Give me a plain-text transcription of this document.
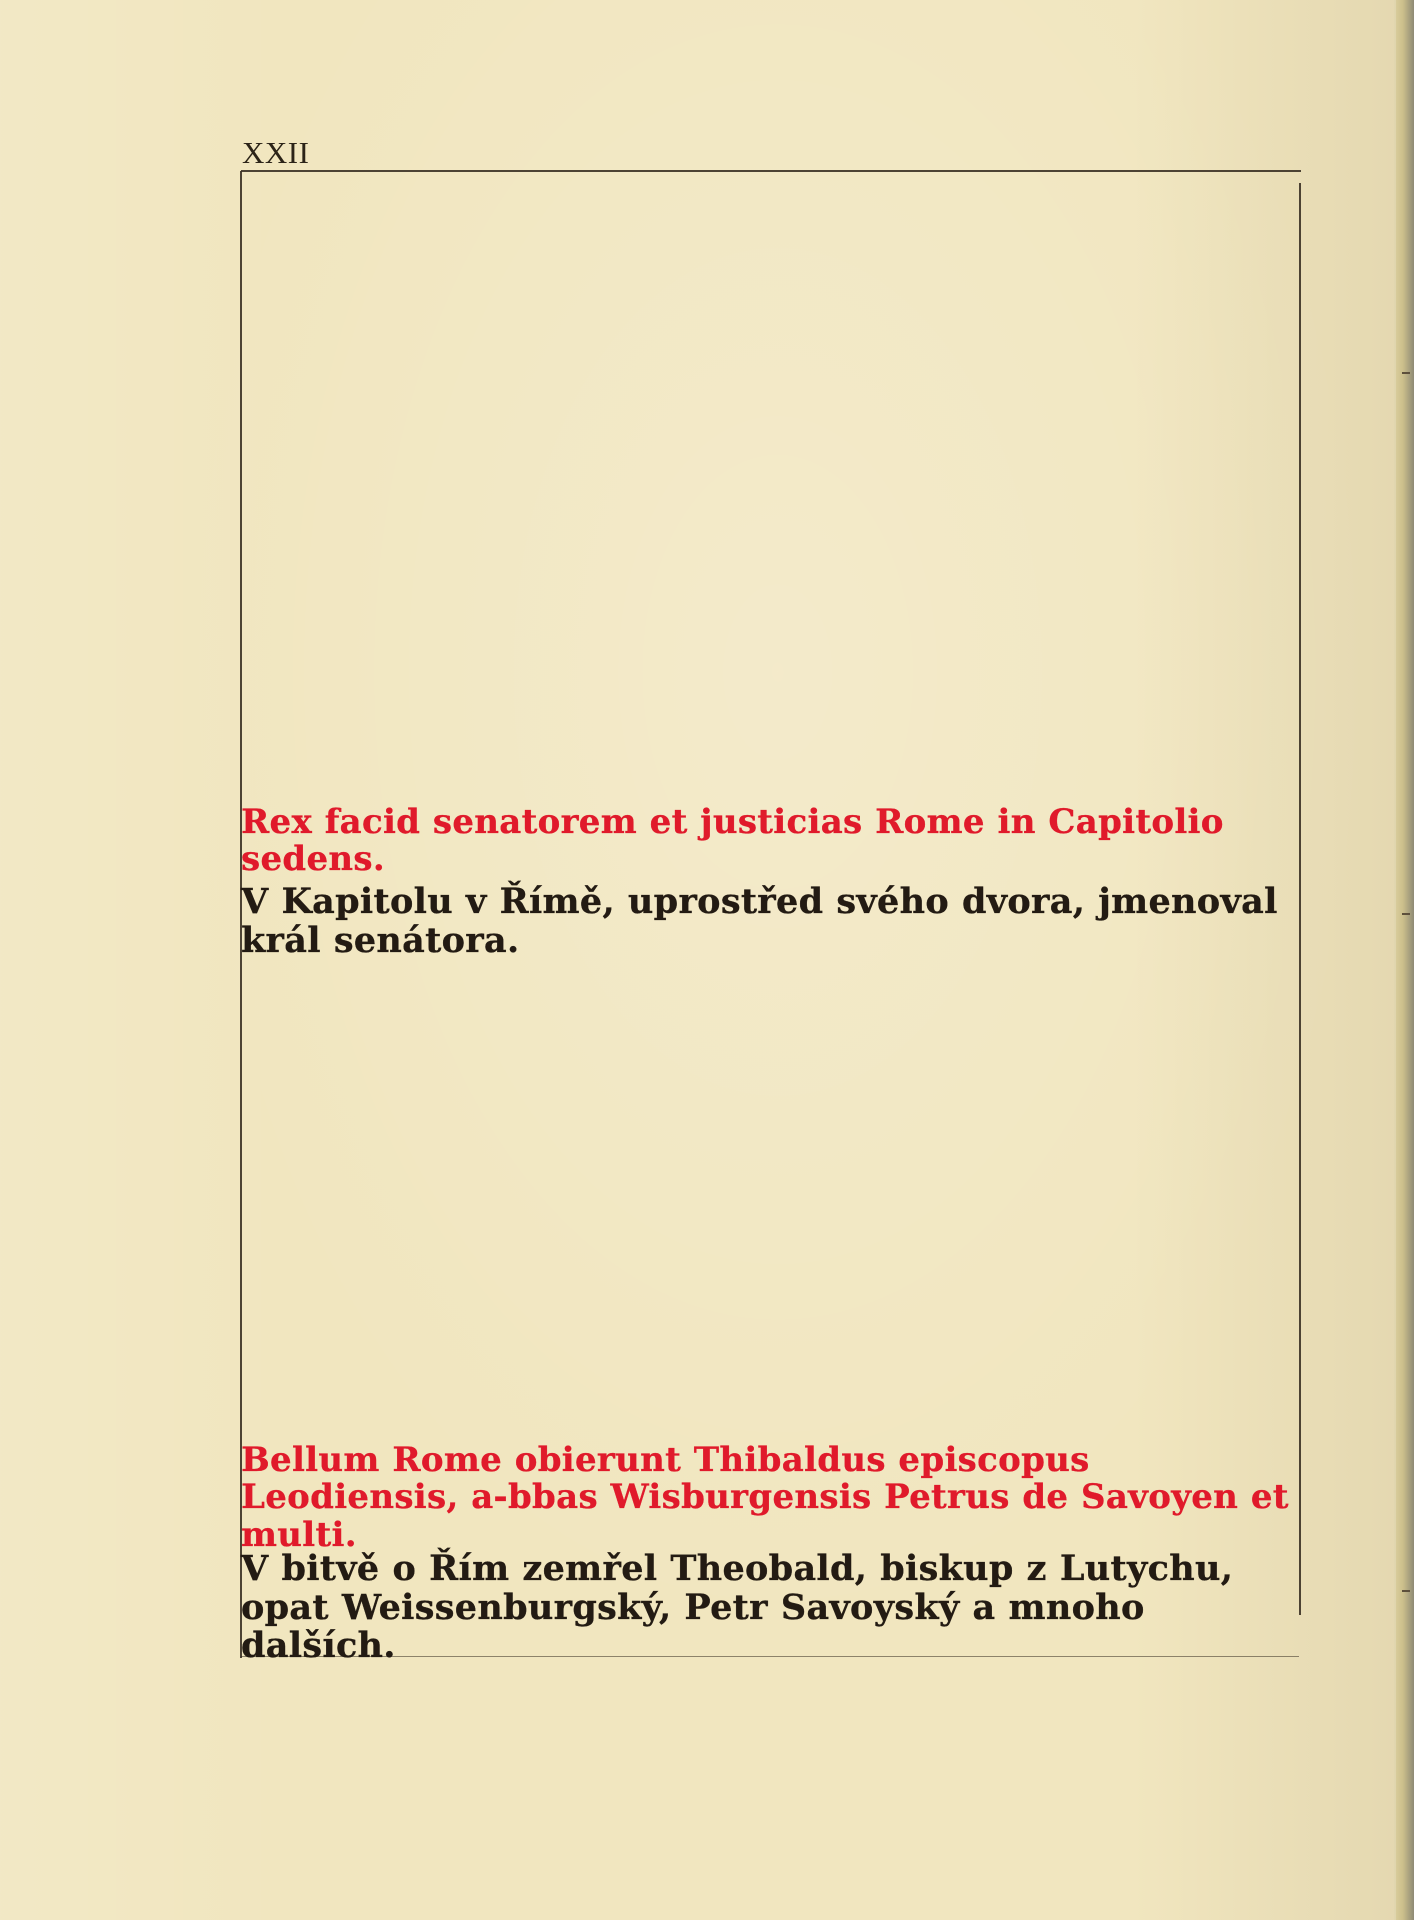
XXII
Rex facid senatorem et justicias Rome in Capitolio sedens.
V Kapitolu v Římě, uprostřed svého dvora, jmenoval král senátora.
Bellum Rome obierunt Thibaldus episcopus Leodiensis, a-bbas Wisburgensis Petrus de Savoyen et multi.
V bitvě o Řím zemřel Theobald, biskup z Lutychu, opat Weissenburgský, Petr Savoyský a mnoho dalších.
